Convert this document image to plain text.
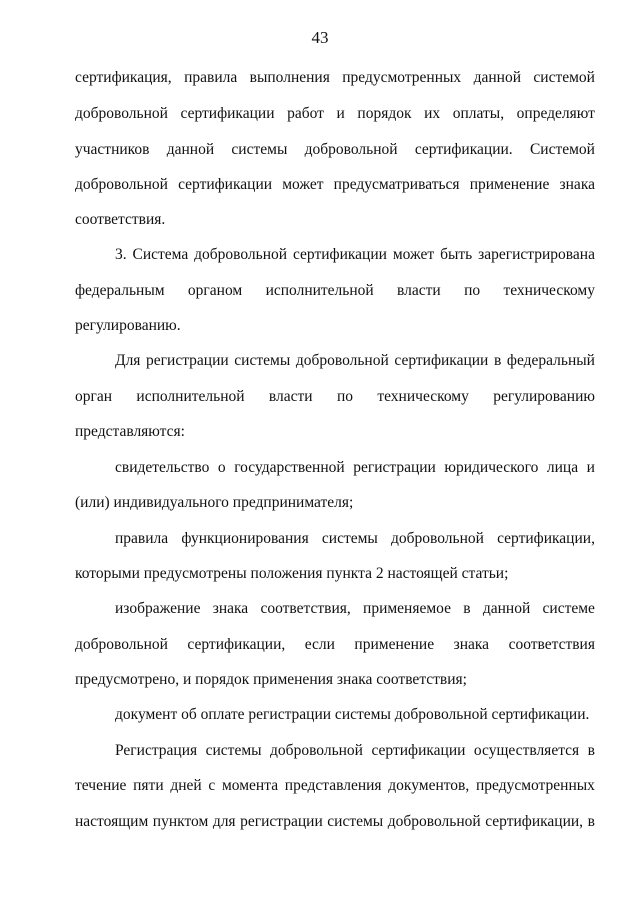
43
сертификация, правила выполнения предусмотренных данной системой
добровольной сертификации работ и порядок их оплаты, определяют
участников данной системы добровольной сертификации. Системой
добровольной сертификации может предусматриваться применение знака
соответствия.
3. Система добровольной сертификации может быть зарегистрирована
федеральным органом исполнительной власти по техническому
регулированию.
Для регистрации системы добровольной сертификации в федеральный
орган исполнительной власти по техническому регулированию
представляются:
свидетельство о государственной регистрации юридического лица и
(или) индивидуального предпринимателя;
правила функционирования системы добровольной сертификации,
которыми предусмотрены положения пункта 2 настоящей статьи;
изображение знака соответствия, применяемое в данной системе
добровольной сертификации, если применение знака соответствия
предусмотрено, и порядок применения знака соответствия;
документ об оплате регистрации системы добровольной сертификации.
Регистрация системы добровольной сертификации осуществляется в
течение пяти дней с момента представления документов, предусмотренных
настоящим пунктом для регистрации системы добровольной сертификации, в
